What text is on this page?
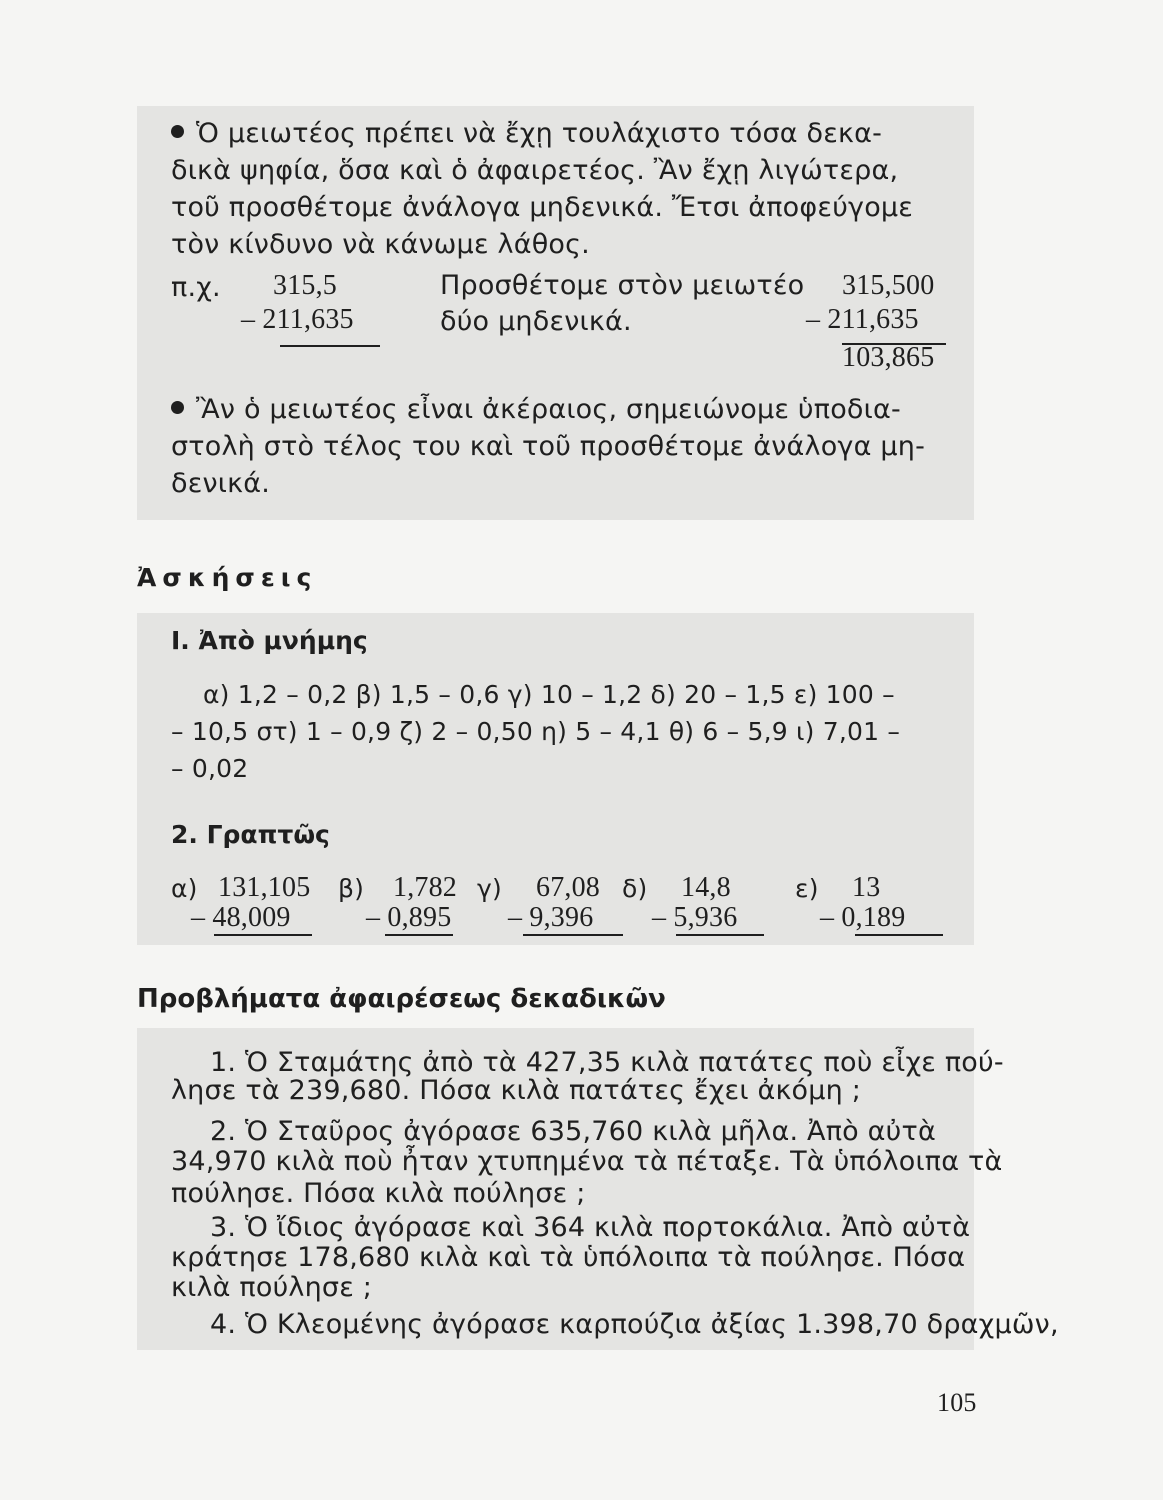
Ὁ μειωτέος πρέπει νὰ ἔχῃ τουλάχιστο τόσα δεκα-
δικὰ ψηφία, ὅσα καὶ ὁ ἀφαιρετέος. Ἂν ἔχῃ λιγώτερα,
τοῦ προσθέτομε ἀνάλογα μηδενικά. Ἔτσι ἀποφεύγομε
τὸν κίνδυνο νὰ κάνωμε λάθος.
π.χ. 315,5
– 211,635
Προσθέτομε στὸν μειωτέο
δύο μηδενικά.
315,500
– 211,635
103,865
Ἂν ὁ μειωτέος εἶναι ἀκέραιος, σημειώνομε ὑποδια-
στολὴ στὸ τέλος του καὶ τοῦ προσθέτομε ἀνάλογα μη-
δενικά.
Ἀσκήσεις
Ι. Ἀπὸ μνήμης
α) 1,2 – 0,2 β) 1,5 – 0,6 γ) 10 – 1,2 δ) 20 – 1,5 ε) 100 –
– 10,5 στ) 1 – 0,9 ζ) 2 – 0,50 η) 5 – 4,1 θ) 6 – 5,9 ι) 7,01 –
– 0,02
2. Γραπτῶς
α) 131,105
– 48,009
β) 1,782
– 0,895
γ) 67,08
– 9,396
δ) 14,8
– 5,936
ε) 13
– 0,189
Προβλήματα ἀφαιρέσεως δεκαδικῶν
1. Ὁ Σταμάτης ἀπὸ τὰ 427,35 κιλὰ πατάτες ποὺ εἶχε πού-
λησε τὰ 239,680. Πόσα κιλὰ πατάτες ἔχει ἀκόμη ;
2. Ὁ Σταῦρος ἀγόρασε 635,760 κιλὰ μῆλα. Ἀπὸ αὐτὰ
34,970 κιλὰ ποὺ ἦταν χτυπημένα τὰ πέταξε. Τὰ ὑπόλοιπα τὰ
πούλησε. Πόσα κιλὰ πούλησε ;
3. Ὁ ἴδιος ἀγόρασε καὶ 364 κιλὰ πορτοκάλια. Ἀπὸ αὐτὰ
κράτησε 178,680 κιλὰ καὶ τὰ ὑπόλοιπα τὰ πούλησε. Πόσα
κιλὰ πούλησε ;
4. Ὁ Κλεομένης ἀγόρασε καρπούζια ἀξίας 1.398,70 δραχμῶν,
105
